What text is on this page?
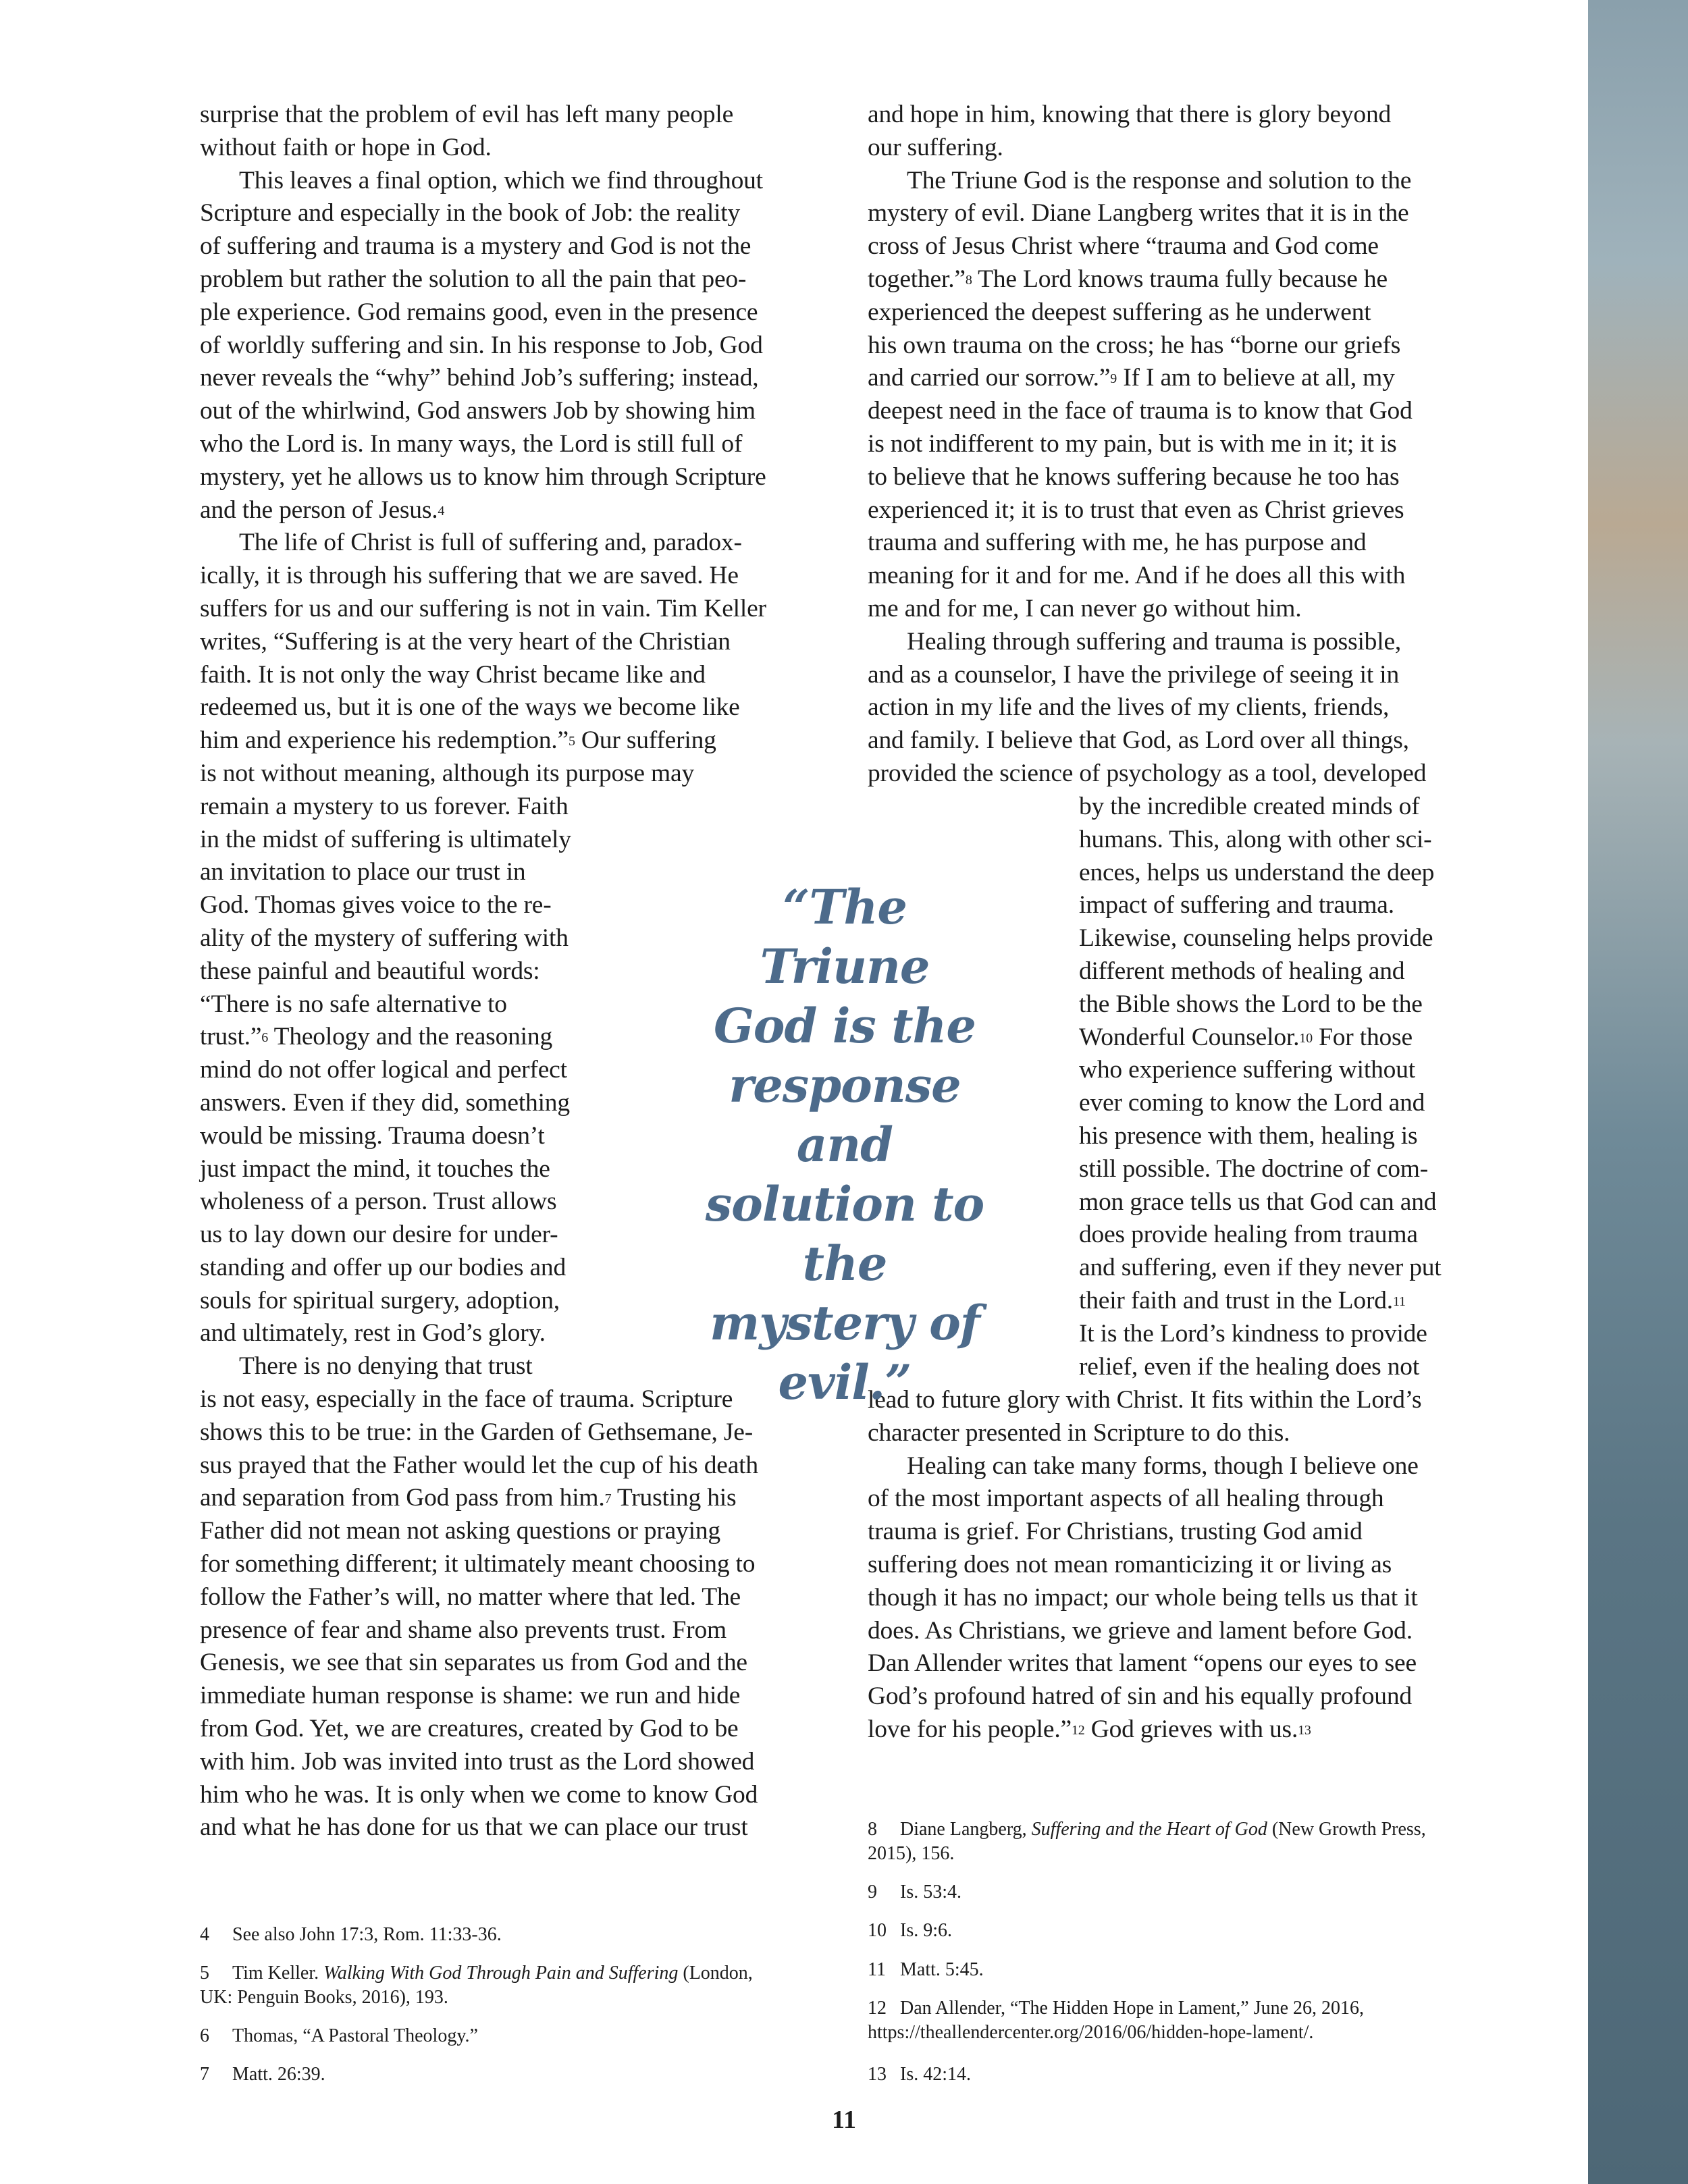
surprise that the problem of evil has left many people
without faith or hope in God.
This leaves a final option, which we find throughout
Scripture and especially in the book of Job: the reality
of suffering and trauma is a mystery and God is not the
problem but rather the solution to all the pain that peo-
ple experience. God remains good, even in the presence
of worldly suffering and sin. In his response to Job, God
never reveals the “why” behind Job’s suffering; instead,
out of the whirlwind, God answers Job by showing him
who the Lord is. In many ways, the Lord is still full of
mystery, yet he allows us to know him through Scripture
and the person of Jesus.$^4$
The life of Christ is full of suffering and, paradox-
ically, it is through his suffering that we are saved. He
suffers for us and our suffering is not in vain. Tim Keller
writes, “Suffering is at the very heart of the Christian
faith. It is not only the way Christ became like and
redeemed us, but it is one of the ways we become like
him and experience his redemption.”$^5$ Our suffering
is not without meaning, although its purpose may
remain a mystery to us forever. Faith
in the midst of suffering is ultimately
an invitation to place our trust in
God. Thomas gives voice to the re-
ality of the mystery of suffering with
these painful and beautiful words:
“There is no safe alternative to
trust.”$^6$ Theology and the reasoning
mind do not offer logical and perfect
answers. Even if they did, something
would be missing. Trauma doesn’t
just impact the mind, it touches the
wholeness of a person. Trust allows
us to lay down our desire for under-
standing and offer up our bodies and
souls for spiritual surgery, adoption,
and ultimately, rest in God’s glory.
There is no denying that trust
is not easy, especially in the face of trauma. Scripture
shows this to be true: in the Garden of Gethsemane, Je-
sus prayed that the Father would let the cup of his death
and separation from God pass from him.$^7$ Trusting his
Father did not mean not asking questions or praying
for something different; it ultimately meant choosing to
follow the Father’s will, no matter where that led. The
presence of fear and shame also prevents trust. From
Genesis, we see that sin separates us from God and the
immediate human response is shame: we run and hide
from God. Yet, we are creatures, created by God to be
with him. Job was invited into trust as the Lord showed
him who he was. It is only when we come to know God
and what he has done for us that we can place our trust
and hope in him, knowing that there is glory beyond
our suffering.
The Triune God is the response and solution to the
mystery of evil. Diane Langberg writes that it is in the
cross of Jesus Christ where “trauma and God come
together.”$^8$ The Lord knows trauma fully because he
experienced the deepest suffering as he underwent
his own trauma on the cross; he has “borne our griefs
and carried our sorrow.”$^9$ If I am to believe at all, my
deepest need in the face of trauma is to know that God
is not indifferent to my pain, but is with me in it; it is
to believe that he knows suffering because he too has
experienced it; it is to trust that even as Christ grieves
trauma and suffering with me, he has purpose and
meaning for it and for me. And if he does all this with
me and for me, I can never go without him.
Healing through suffering and trauma is possible,
and as a counselor, I have the privilege of seeing it in
action in my life and the lives of my clients, friends,
and family. I believe that God, as Lord over all things,
provided the science of psychology as a tool, developed
by the incredible created minds of
humans. This, along with other sci-
ences, helps us understand the deep
impact of suffering and trauma.
Likewise, counseling helps provide
different methods of healing and
the Bible shows the Lord to be the
Wonderful Counselor.$^{10}$ For those
who experience suffering without
ever coming to know the Lord and
his presence with them, healing is
still possible. The doctrine of com-
mon grace tells us that God can and
does provide healing from trauma
and suffering, even if they never put
their faith and trust in the Lord.$^{11}$
It is the Lord’s kindness to provide
relief, even if the healing does not
lead to future glory with Christ. It fits within the Lord’s
character presented in Scripture to do this.
Healing can take many forms, though I believe one
of the most important aspects of all healing through
trauma is grief. For Christians, trusting God amid
suffering does not mean romanticizing it or living as
though it has no impact; our whole being tells us that it
does. As Christians, we grieve and lament before God.
Dan Allender writes that lament “opens our eyes to see
God’s profound hatred of sin and his equally profound
love for his people.”$^{12}$ God grieves with us.$^{13}$
“The
Triune
God is the
response and
solution to the
mystery of
evil.”
4 See also John 17:3, Rom. 11:33-36.
5 Tim Keller. Walking With God Through Pain and Suffering (London,
UK: Penguin Books, 2016), 193.
6 Thomas, “A Pastoral Theology.”
7 Matt. 26:39.
8 Diane Langberg, Suffering and the Heart of God (New Growth Press,
2015), 156.
9 Is. 53:4.
10 Is. 9:6.
11 Matt. 5:45.
12 Dan Allender, “The Hidden Hope in Lament,” June 26, 2016,
https://theallendercenter.org/2016/06/hidden-hope-lament/.
13 Is. 42:14.
11
